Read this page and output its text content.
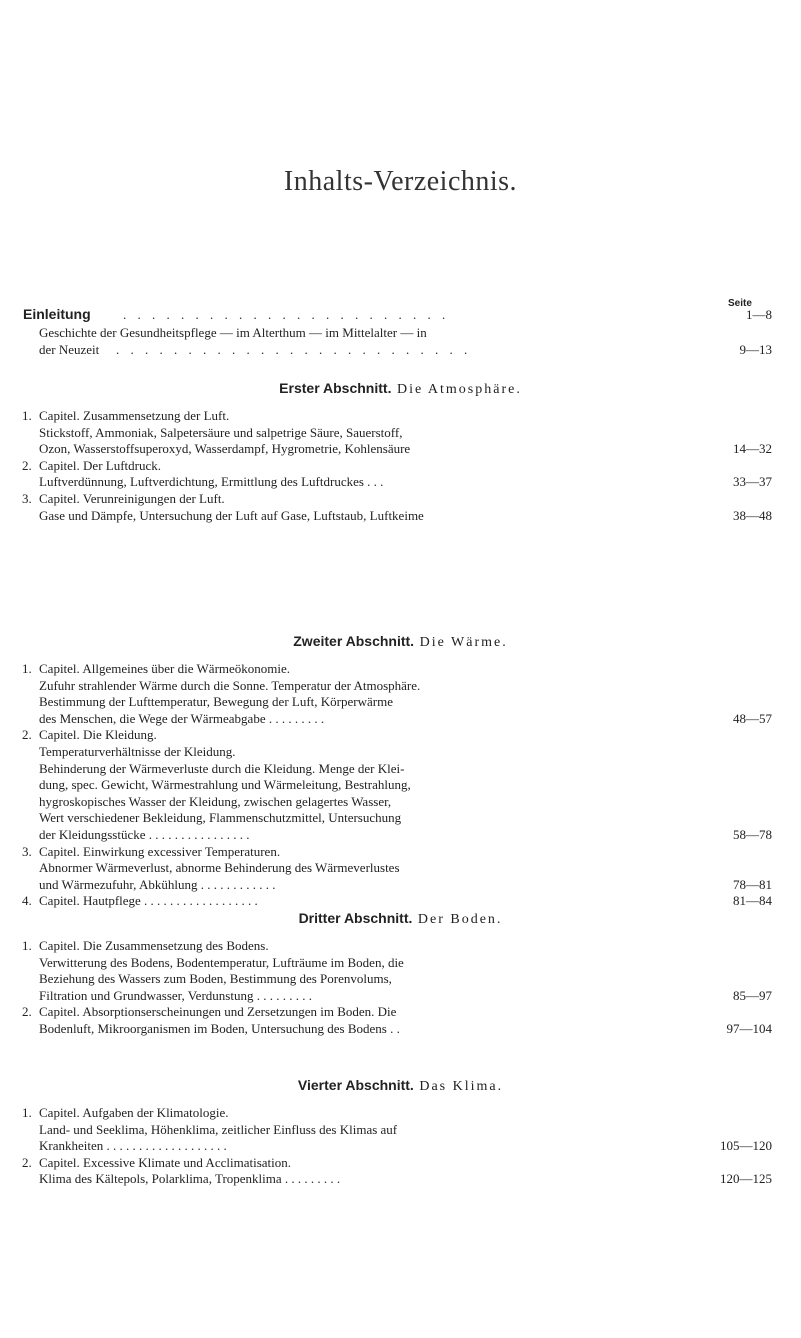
Inhalts-Verzeichnis.
Seite
Einleitung . . . . . . . . . . . . . . . . . . . . . . .	1—8
Geschichte der Gesundheitspflege — im Alterthum — im Mittelalter — in
der Neuzeit . . . . . . . . . . . . . . . . . . . . . . . . .	9—13
Erster Abschnitt. Die Atmosphäre.
1. Capitel. Zusammensetzung der Luft.
Stickstoff, Ammoniak, Salpetersäure und salpetrige Säure, Sauerstoff,
Ozon, Wasserstoffsuperoxyd, Wasserdampf, Hygrometrie, Kohlensäure	14—32
2. Capitel. Der Luftdruck.
Luftverdünnung, Luftverdichtung, Ermittlung des Luftdruckes . . .	33—37
3. Capitel. Verunreinigungen der Luft.
Gase und Dämpfe, Untersuchung der Luft auf Gase, Luftstaub, Luftkeime	38—48
Zweiter Abschnitt. Die Wärme.
1. Capitel. Allgemeines über die Wärmeökonomie.
Zufuhr strahlender Wärme durch die Sonne. Temperatur der Atmosphäre.
Bestimmung der Lufttemperatur, Bewegung der Luft, Körperwärme
des Menschen, die Wege der Wärmeabgabe . . . . . . . . .	48—57
2. Capitel. Die Kleidung.
Temperaturverhältnisse der Kleidung.
Behinderung der Wärmeverluste durch die Kleidung. Menge der Klei-
dung, spec. Gewicht, Wärmestrahlung und Wärmeleitung, Bestrahlung,
hygroskopisches Wasser der Kleidung, zwischen gelagertes Wasser,
Wert verschiedener Bekleidung, Flammenschutzmittel, Untersuchung
der Kleidungsstücke . . . . . . . . . . . . . . . .	58—78
3. Capitel. Einwirkung excessiver Temperaturen.
Abnormer Wärmeverlust, abnorme Behinderung des Wärmeverlustes
und Wärmezufuhr, Abkühlung . . . . . . . . . . . .	78—81
4. Capitel. Hautpflege . . . . . . . . . . . . . . . . . .	81—84
Dritter Abschnitt. Der Boden.
1. Capitel. Die Zusammensetzung des Bodens.
Verwitterung des Bodens, Bodentemperatur, Lufträume im Boden, die
Beziehung des Wassers zum Boden, Bestimmung des Porenvolums,
Filtration und Grundwasser, Verdunstung . . . . . . . . .	85—97
2. Capitel. Absorptionserscheinungen und Zersetzungen im Boden. Die
Bodenluft, Mikroorganismen im Boden, Untersuchung des Bodens . .	97—104
Vierter Abschnitt. Das Klima.
1. Capitel. Aufgaben der Klimatologie.
Land- und Seeklima, Höhenklima, zeitlicher Einfluss des Klimas auf
Krankheiten . . . . . . . . . . . . . . . . . . .	105—120
2. Capitel. Excessive Klimate und Acclimatisation.
Klima des Kältepols, Polarklima, Tropenklima . . . . . . . . .	120—125
